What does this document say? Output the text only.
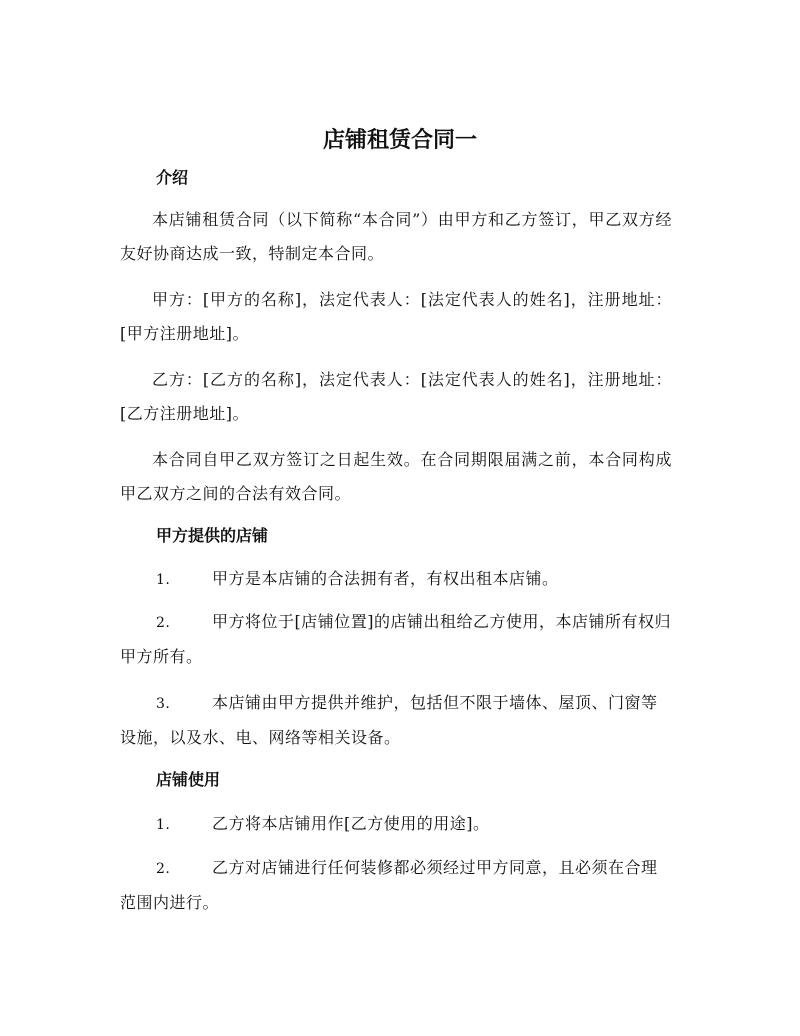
店铺租赁合同一
介绍
本店铺租赁合同（以下简称“本合同”）由甲方和乙方签订，甲乙双方经友好协商达成一致，特制定本合同。
甲方：[甲方的名称]，法定代表人：[法定代表人的姓名]，注册地址：[甲方注册地址]。
乙方：[乙方的名称]，法定代表人：[法定代表人的姓名]，注册地址：[乙方注册地址]。
本合同自甲乙双方签订之日起生效。在合同期限届满之前，本合同构成甲乙双方之间的合法有效合同。
甲方提供的店铺
1.	甲方是本店铺的合法拥有者，有权出租本店铺。
2.	甲方将位于[店铺位置]的店铺出租给乙方使用，本店铺所有权归甲方所有。
3.	本店铺由甲方提供并维护，包括但不限于墙体、屋顶、门窗等设施，以及水、电、网络等相关设备。
店铺使用
1.	乙方将本店铺用作[乙方使用的用途]。
2.	乙方对店铺进行任何装修都必须经过甲方同意，且必须在合理范围内进行。
